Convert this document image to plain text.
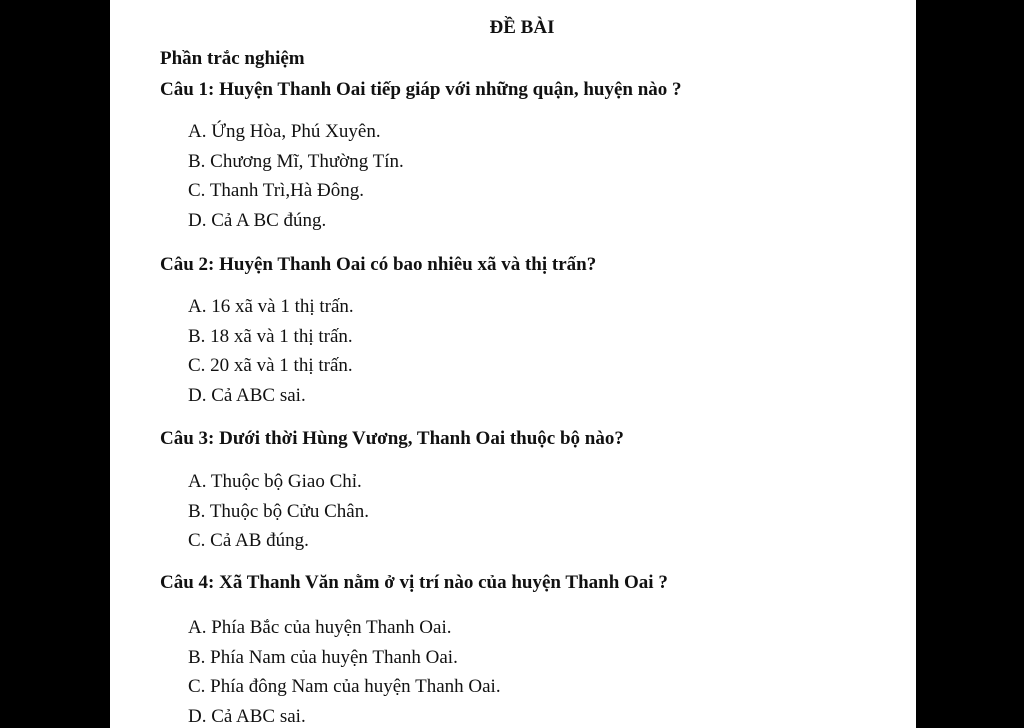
ĐỀ BÀI
Phần trắc nghiệm
Câu 1: Huyện Thanh Oai tiếp giáp với những quận, huyện nào ?
A. Ứng Hòa, Phú Xuyên.
B. Chương Mĩ, Thường Tín.
C. Thanh Trì,Hà Đông.
D. Cả A BC đúng.
Câu 2: Huyện Thanh Oai có bao nhiêu xã và thị trấn?
A. 16 xã và 1 thị trấn.
B. 18 xã và 1 thị trấn.
C. 20 xã và 1 thị trấn.
D. Cả ABC sai.
Câu 3: Dưới thời Hùng Vương, Thanh Oai thuộc bộ nào?
A. Thuộc bộ Giao Chỉ.
B. Thuộc bộ Cửu Chân.
C. Cả AB đúng.
Câu 4: Xã Thanh Văn nằm ở vị trí nào của huyện Thanh Oai ?
A. Phía Bắc của huyện Thanh Oai.
B. Phía Nam của huyện Thanh Oai.
C. Phía đông Nam của huyện Thanh Oai.
D. Cả ABC sai.
